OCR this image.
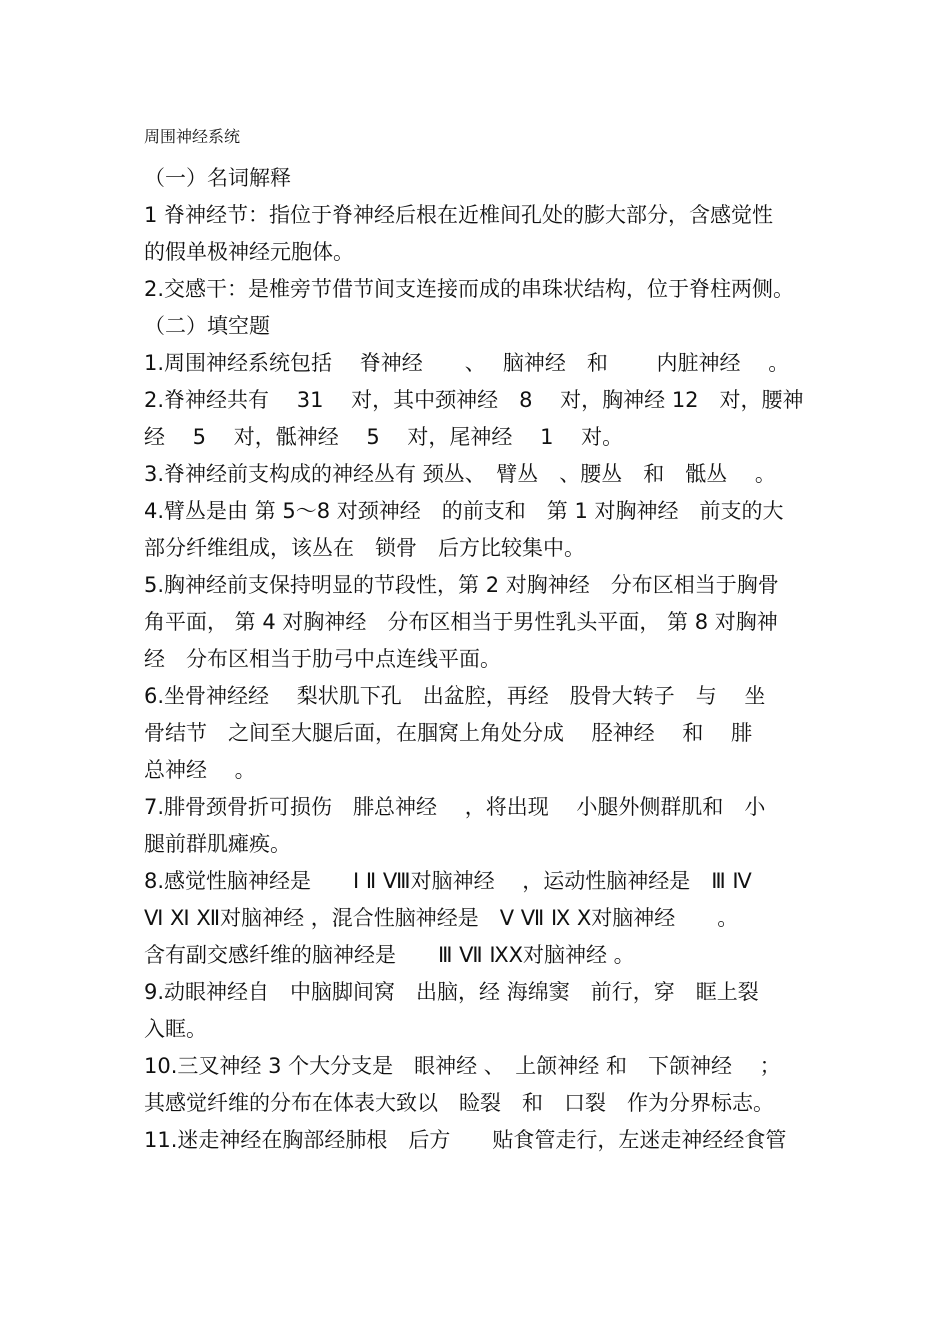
周围神经系统
（一）名词解释
1 脊神经节：指位于脊神经后根在近椎间孔处的膨大部分，含感觉性
的假单极神经元胞体。
2.交感干：是椎旁节借节间支连接而成的串珠状结构，位于脊柱两侧。
（二）填空题
1.周围神经系统包括　 脊神经　　、　 脑神经　和　　 内脏神经　 。
2.脊神经共有　 31　 对，其中颈神经　8　 对，胸神经 12　对，腰神
经　 5　 对，骶神经　 5　 对，尾神经　 1　 对。
3.脊神经前支构成的神经丛有 颈丛、　臂丛　、腰丛　和　骶丛　 。
4.臂丛是由 第 5～8 对颈神经　的前支和　第 1 对胸神经　前支的大
部分纤维组成，该丛在　锁骨　后方比较集中。
5.胸神经前支保持明显的节段性，第 2 对胸神经　分布区相当于胸骨
角平面， 第 4 对胸神经　分布区相当于男性乳头平面， 第 8 对胸神
经　分布区相当于肋弓中点连线平面。
6.坐骨神经经　 梨状肌下孔　出盆腔，再经　股骨大转子　与　 坐
骨结节　之间至大腿后面，在腘窝上角处分成　 胫神经　 和　 腓
总神经　 。
7.腓骨颈骨折可损伤　腓总神经　 ，将出现　 小腿外侧群肌和　小
腿前群肌瘫痪。
8.感觉性脑神经是　　Ⅰ Ⅱ Ⅷ对脑神经　 ，运动性脑神经是　Ⅲ Ⅳ
Ⅵ Ⅺ Ⅻ对脑神经 ，混合性脑神经是　Ⅴ Ⅶ Ⅸ Ⅹ对脑神经　　。
含有副交感纤维的脑神经是　　Ⅲ Ⅶ ⅨⅩ对脑神经 。
9.动眼神经自　中脑脚间窝　出脑，经 海绵窦　前行，穿　眶上裂
入眶。
10.三叉神经 3 个大分支是　眼神经 、　上颌神经 和　下颌神经　 ；
其感觉纤维的分布在体表大致以　睑裂　和　口裂　作为分界标志。
11.迷走神经在胸部经肺根　后方　　贴食管走行，左迷走神经经食管
